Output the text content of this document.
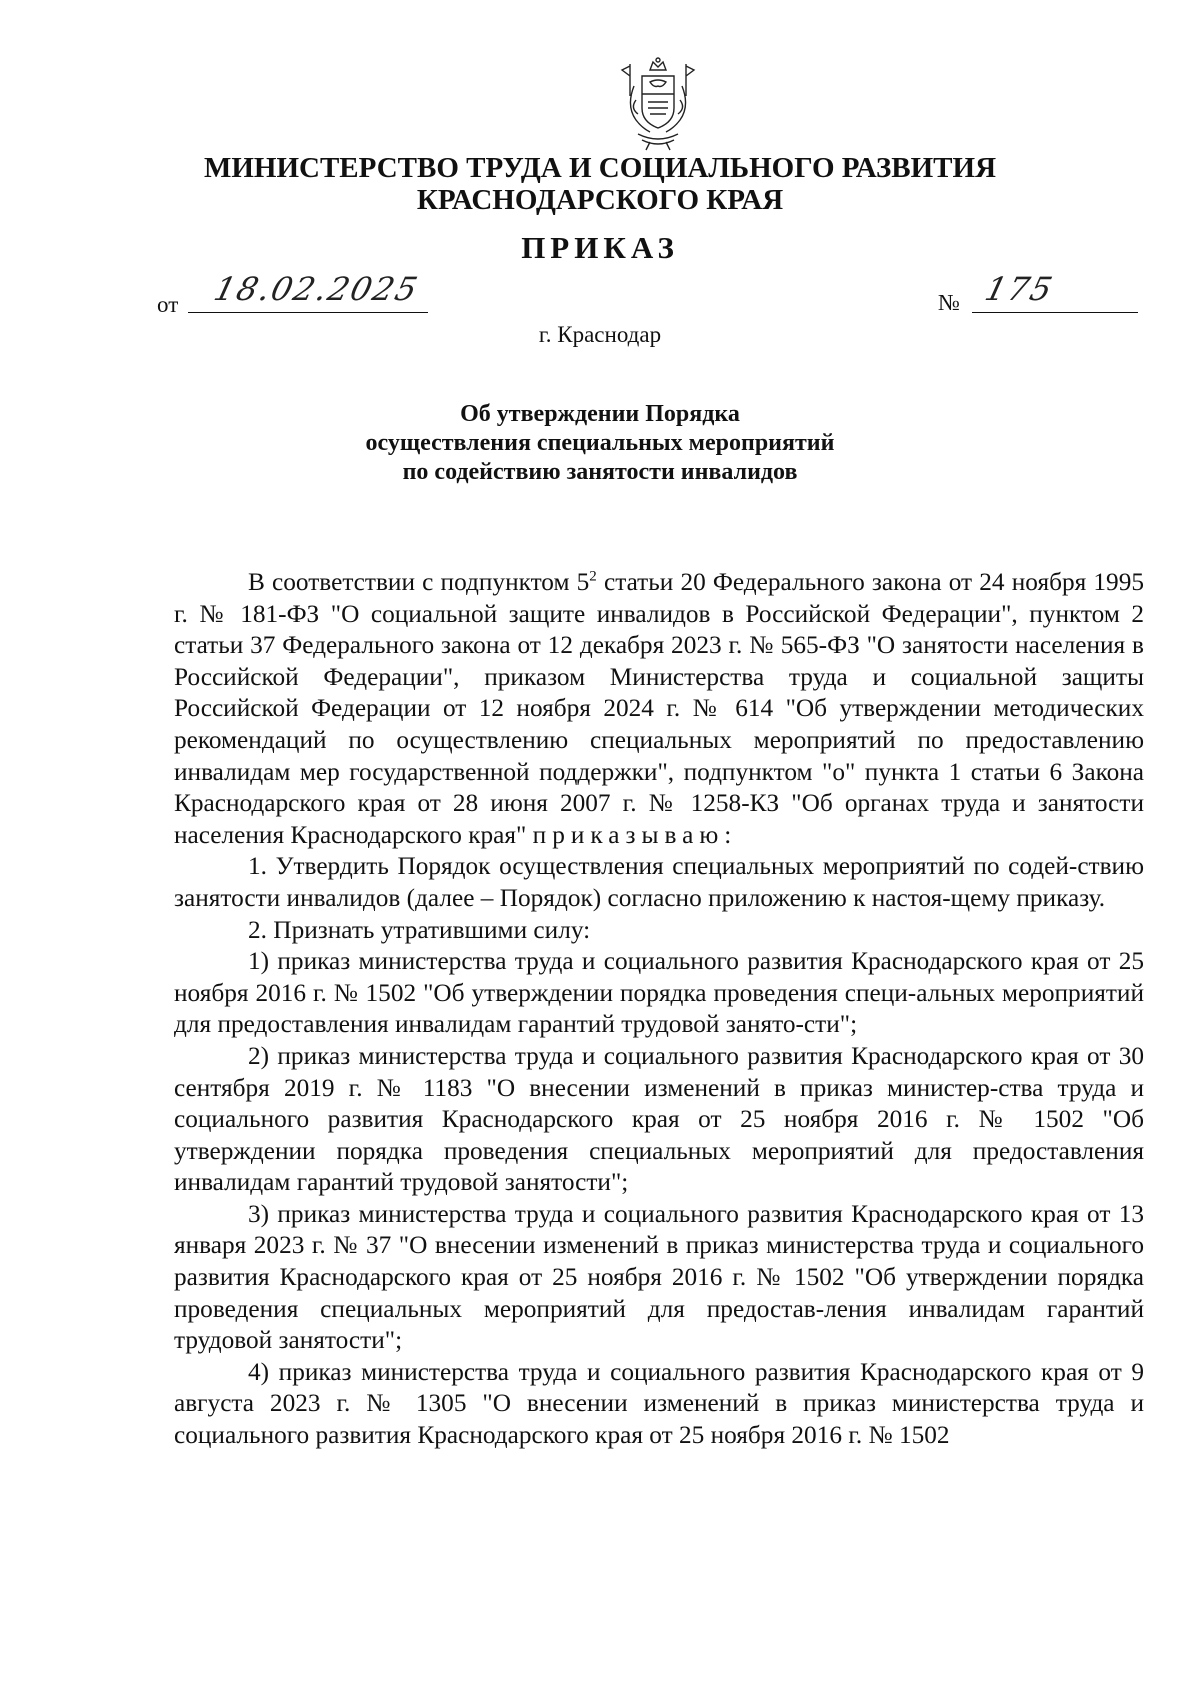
МИНИСТЕРСТВО ТРУДА И СОЦИАЛЬНОГО РАЗВИТИЯ
КРАСНОДАРСКОГО КРАЯ
ПРИКАЗ
от 18.02.2025	№ 175
г. Краснодар
Об утверждении Порядка
осуществления специальных мероприятий
по содействию занятости инвалидов

В соответствии с подпунктом $5^2$ статьи 20 Федерального закона от 24 ноября 1995 г. № 181-ФЗ "О социальной защите инвалидов в Российской Федерации", пунктом 2 статьи 37 Федерального закона от 12 декабря 2023 г. № 565-ФЗ "О занятости населения в Российской Федерации", приказом Министерства труда и социальной защиты Российской Федерации от 12 ноября 2024 г. № 614 "Об утверждении методических рекомендаций по осуществлению специальных мероприятий по предоставлению инвалидам мер государственной поддержки", подпунктом "о" пункта 1 статьи 6 Закона Краснодарского края от 28 июня 2007 г. № 1258-КЗ "Об органах труда и занятости населения Краснодарского края" приказываю:

1. Утвердить Порядок осуществления специальных мероприятий по содей-ствию занятости инвалидов (далее – Порядок) согласно приложению к настоя-щему приказу.

2. Признать утратившими силу:

1) приказ министерства труда и социального развития Краснодарского края от 25 ноября 2016 г. № 1502 "Об утверждении порядка проведения специ-альных мероприятий для предоставления инвалидам гарантий трудовой занято-сти";

2) приказ министерства труда и социального развития Краснодарского края от 30 сентября 2019 г. № 1183 "О внесении изменений в приказ министер-ства труда и социального развития Краснодарского края от 25 ноября 2016 г. № 1502 "Об утверждении порядка проведения специальных мероприятий для предоставления инвалидам гарантий трудовой занятости";

3) приказ министерства труда и социального развития Краснодарского края от 13 января 2023 г. № 37 "О внесении изменений в приказ министерства труда и социального развития Краснодарского края от 25 ноября 2016 г. № 1502 "Об утверждении порядка проведения специальных мероприятий для предостав-ления инвалидам гарантий трудовой занятости";

4) приказ министерства труда и социального развития Краснодарского края от 9 августа 2023 г. № 1305 "О внесении изменений в приказ министерства труда и социального развития Краснодарского края от 25 ноября 2016 г. № 1502
